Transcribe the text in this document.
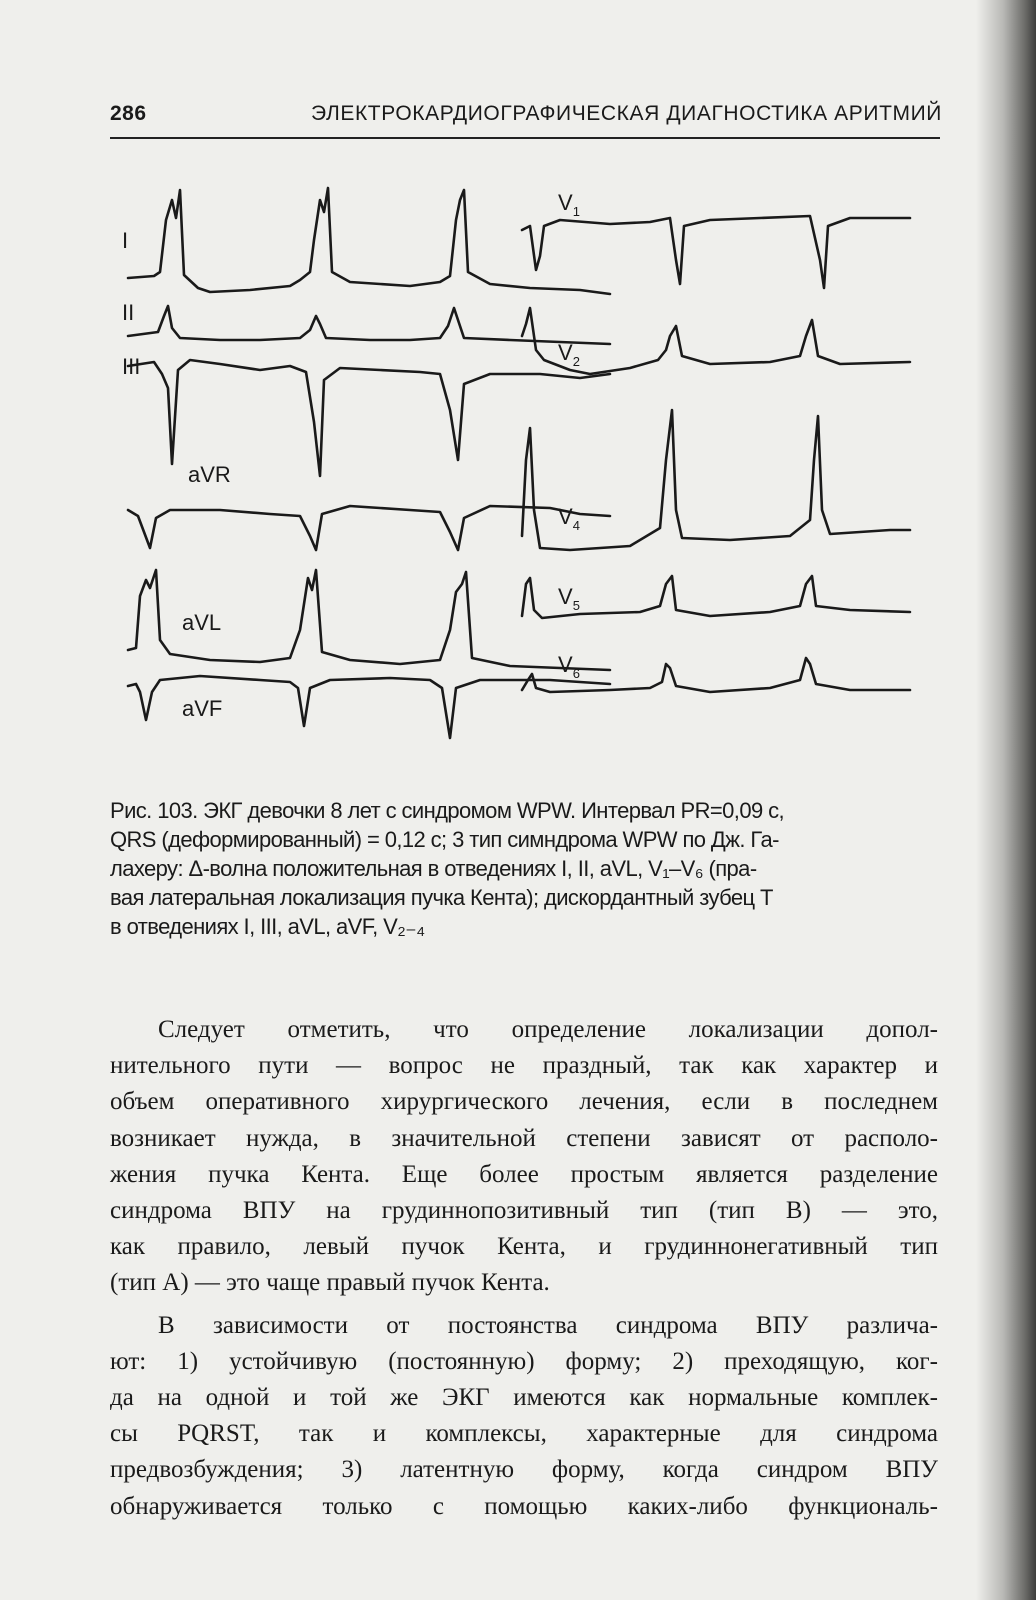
286	ЭЛЕКТРОКАРДИОГРАФИЧЕСКАЯ ДИАГНОСТИКА АРИТМИЙ
I
II
III
aVR
aVL
aVF
$V_1$
$V_2$
$V_4$
$V_5$
$V_6$
Рис. 103. ЭКГ девочки 8 лет с синдромом WPW. Интервал PR=0,09 с,
QRS (деформированный) = 0,12 с; 3 тип симндрома WPW по Дж. Га-
лахеру: Δ-волна положительная в отведениях I, II, aVL, V₁–V₆ (пра-
вая латеральная локализация пучка Кента); дискордантный зубец Т
в отведениях I, III, aVL, aVF, V₂₋₄

Следует отметить, что определение локализации допол-
нительного пути — вопрос не праздный, так как характер и
объем оперативного хирургического лечения, если в последнем
возникает нужда, в значительной степени зависят от располо-
жения пучка Кента. Еще более простым является разделение
синдрома ВПУ на грудиннопозитивный тип (тип В) — это,
как правило, левый пучок Кента, и грудиннонегативный тип
(тип А) — это чаще правый пучок Кента.

В зависимости от постоянства синдрома ВПУ различа-
ют: 1) устойчивую (постоянную) форму; 2) преходящую, ког-
да на одной и той же ЭКГ имеются как нормальные комплек-
сы PQRST, так и комплексы, характерные для синдрома
предвозбуждения; 3) латентную форму, когда синдром ВПУ
обнаруживается только с помощью каких-либо функциональ-
